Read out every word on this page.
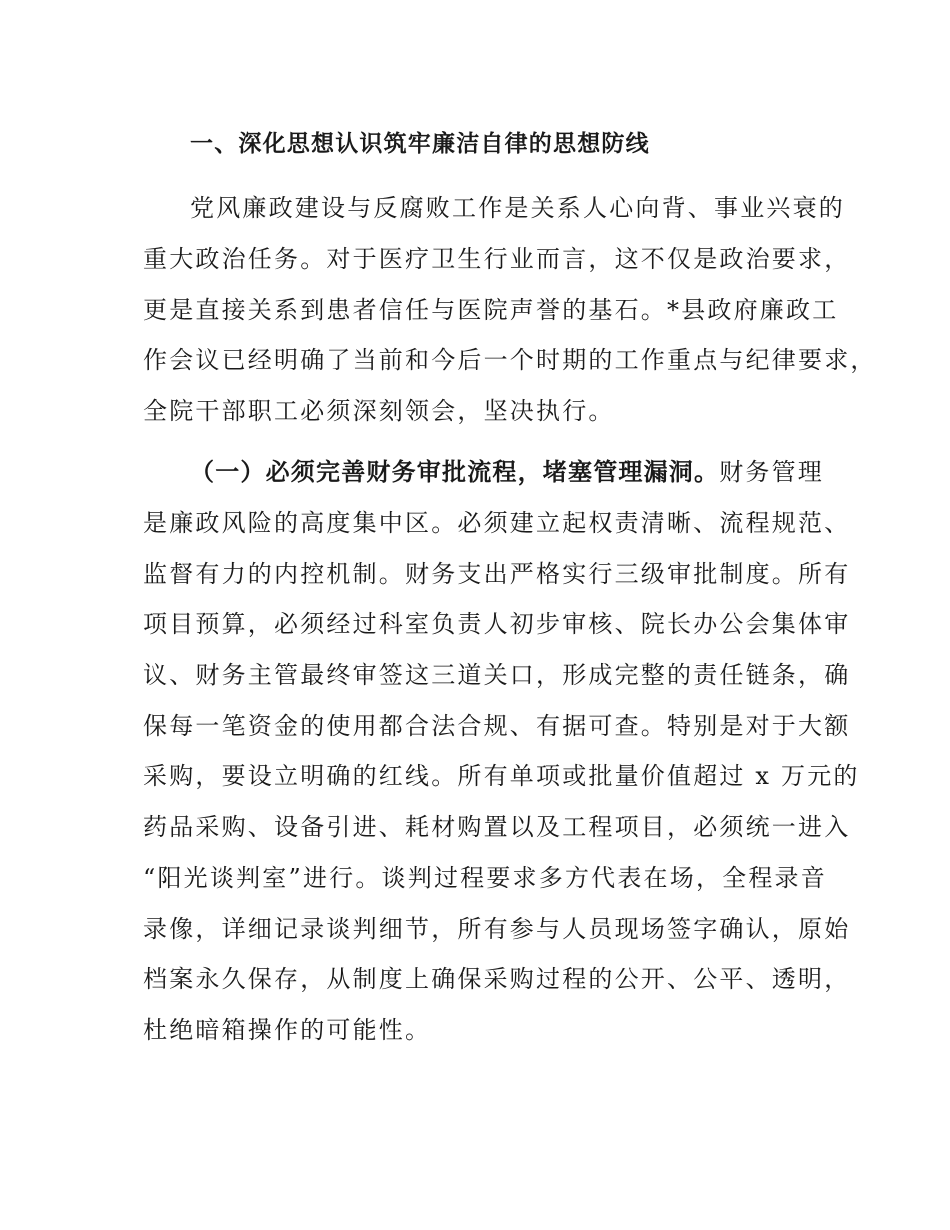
一、深化思想认识筑牢廉洁自律的思想防线
党风廉政建设与反腐败工作是关系人心向背、事业兴衰的
重大政治任务。对于医疗卫生行业而言，这不仅是政治要求，
更是直接关系到患者信任与医院声誉的基石。*县政府廉政工
作会议已经明确了当前和今后一个时期的工作重点与纪律要求，
全院干部职工必须深刻领会，坚决执行。
（一）必须完善财务审批流程，堵塞管理漏洞。财务管理
是廉政风险的高度集中区。必须建立起权责清晰、流程规范、
监督有力的内控机制。财务支出严格实行三级审批制度。所有
项目预算，必须经过科室负责人初步审核、院长办公会集体审
议、财务主管最终审签这三道关口，形成完整的责任链条，确
保每一笔资金的使用都合法合规、有据可查。特别是对于大额
采购，要设立明确的红线。所有单项或批量价值超过 x 万元的
药品采购、设备引进、耗材购置以及工程项目，必须统一进入
“阳光谈判室”进行。谈判过程要求多方代表在场，全程录音
录像，详细记录谈判细节，所有参与人员现场签字确认，原始
档案永久保存，从制度上确保采购过程的公开、公平、透明，
杜绝暗箱操作的可能性。
